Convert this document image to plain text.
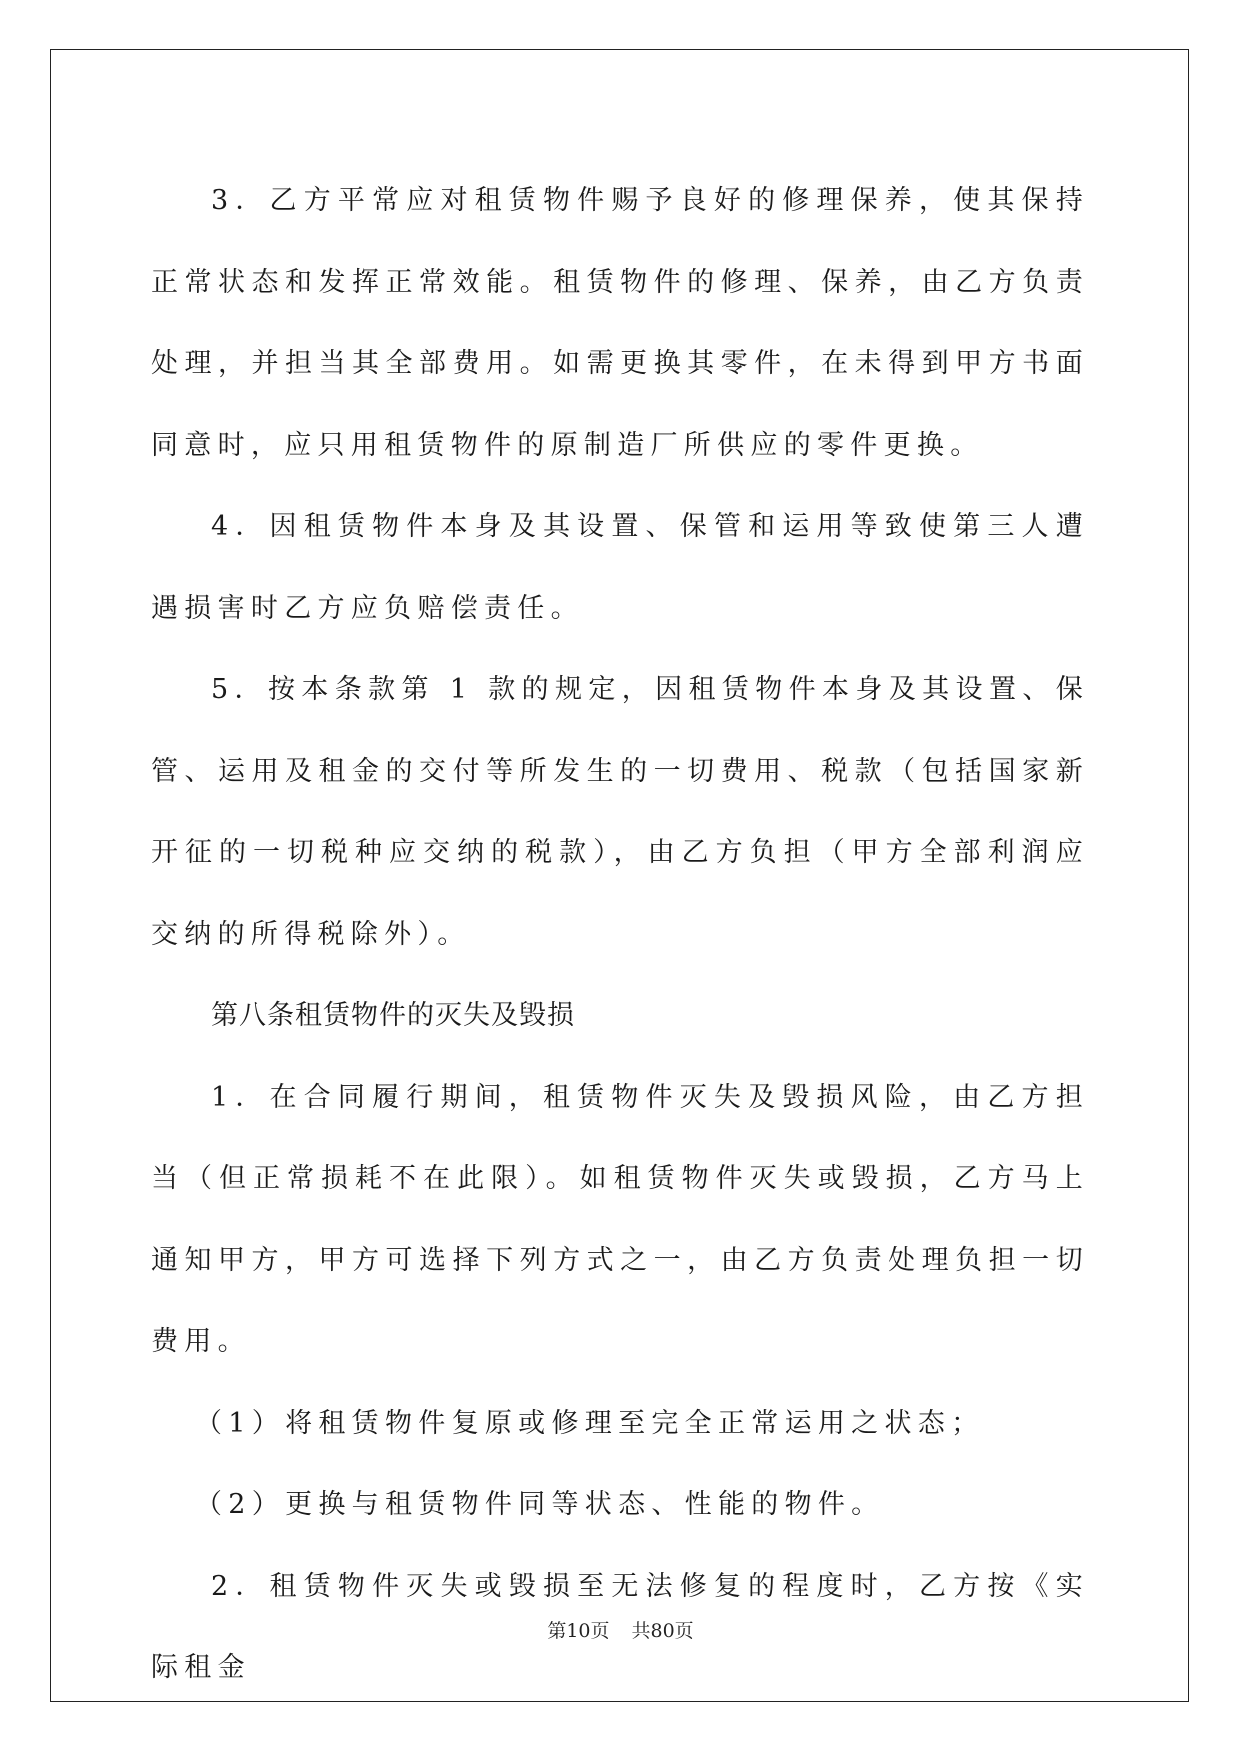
3．乙方平常应对租赁物件赐予良好的修理保养，使其保持正常状态和发挥正常效能。租赁物件的修理、保养，由乙方负责处理，并担当其全部费用。如需更换其零件，在未得到甲方书面同意时，应只用租赁物件的原制造厂所供应的零件更换。

4．因租赁物件本身及其设置、保管和运用等致使第三人遭遇损害时乙方应负赔偿责任。

5．按本条款第 1 款的规定，因租赁物件本身及其设置、保管、运用及租金的交付等所发生的一切费用、税款（包括国家新开征的一切税种应交纳的税款），由乙方负担（甲方全部利润应交纳的所得税除外）。

第八条租赁物件的灭失及毁损

1．在合同履行期间，租赁物件灭失及毁损风险，由乙方担当（但正常损耗不在此限）。如租赁物件灭失或毁损，乙方马上通知甲方，甲方可选择下列方式之一，由乙方负责处理负担一切费用。

（1）将租赁物件复原或修理至完全正常运用之状态；

（2）更换与租赁物件同等状态、性能的物件。

2．租赁物件灭失或毁损至无法修复的程度时，乙方按《实际租金

第10页 共80页
